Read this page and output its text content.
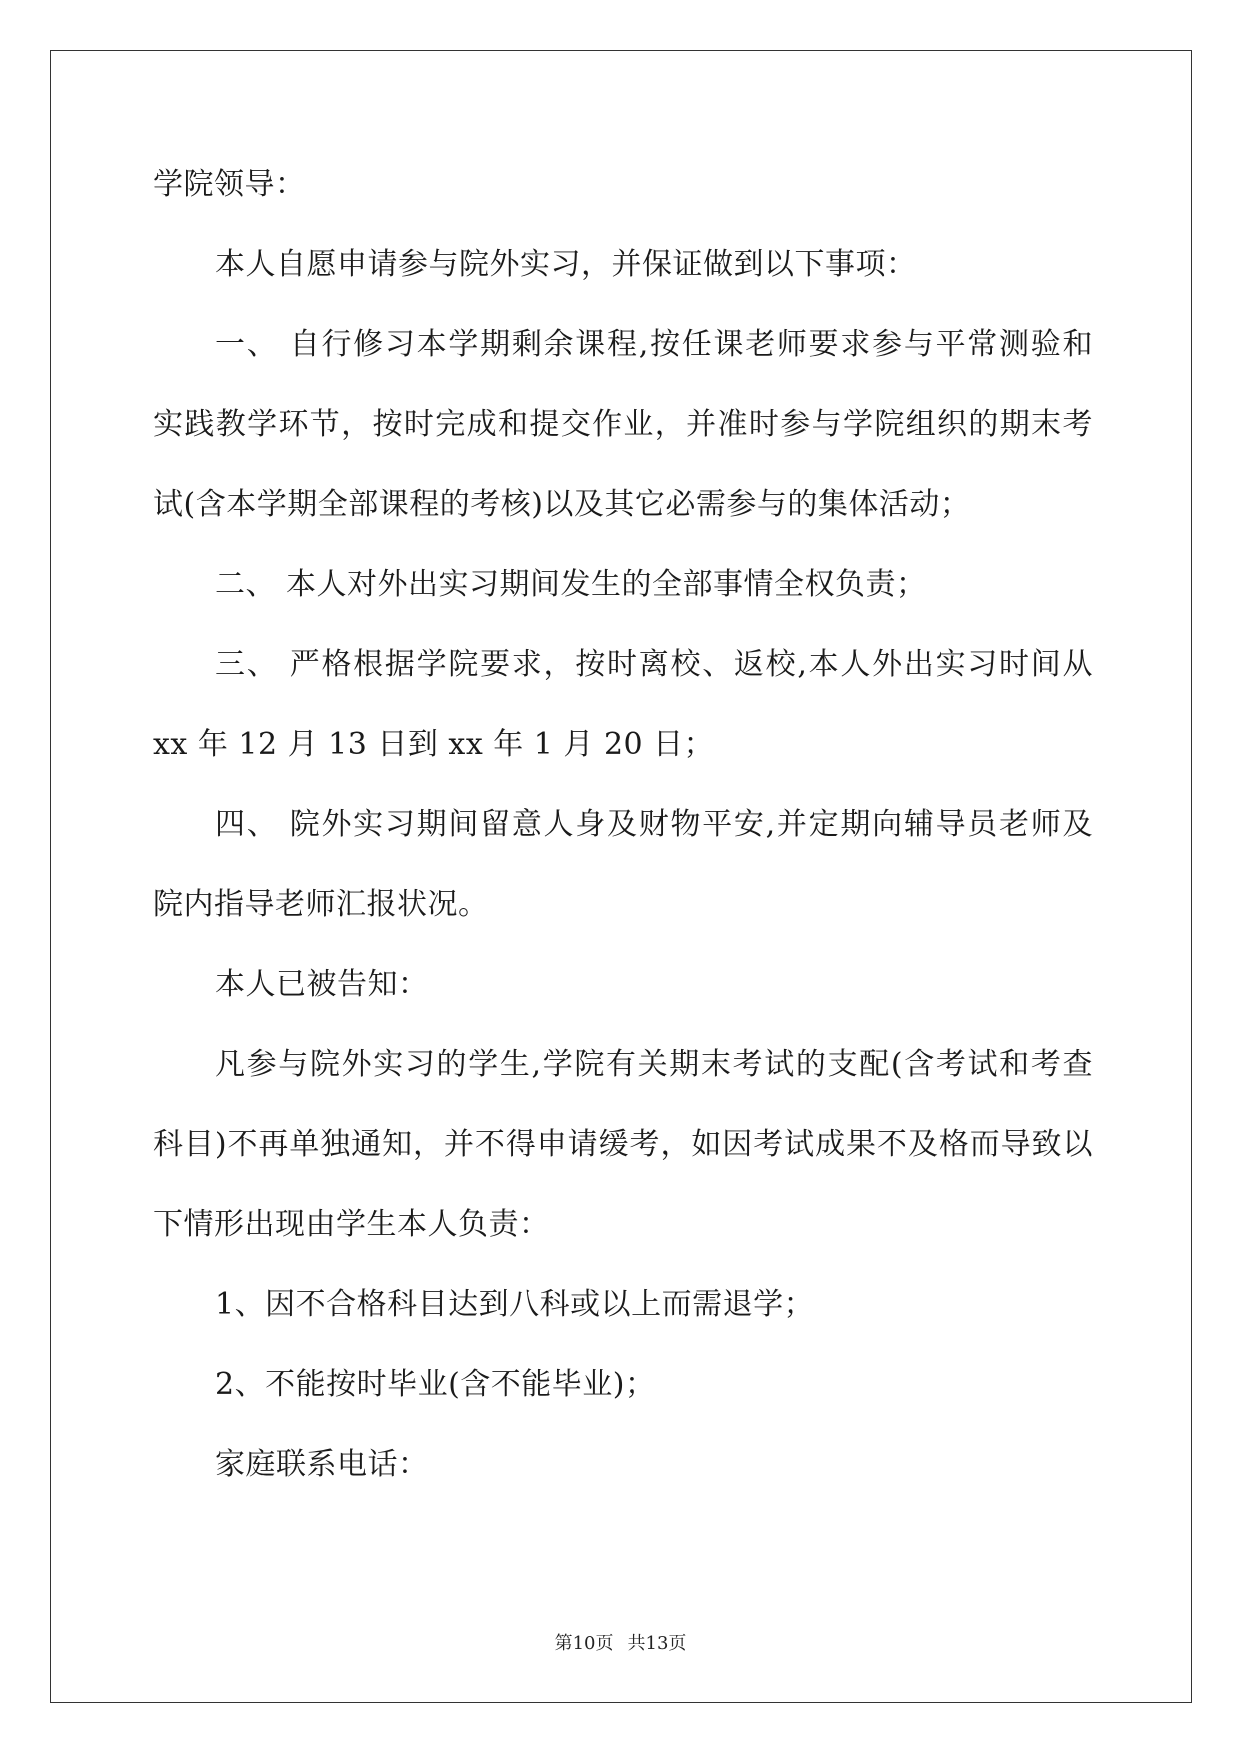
学院领导：
本人自愿申请参与院外实习，并保证做到以下事项：
一、 自行修习本学期剩余课程,按任课老师要求参与平常测验和
实践教学环节，按时完成和提交作业，并准时参与学院组织的期末考
试(含本学期全部课程的考核)以及其它必需参与的集体活动；
二、 本人对外出实习期间发生的全部事情全权负责；
三、 严格根据学院要求，按时离校、返校,本人外出实习时间从
xx 年 12 月 13 日到 xx 年 1 月 20 日；
四、 院外实习期间留意人身及财物平安,并定期向辅导员老师及
院内指导老师汇报状况。
本人已被告知：
凡参与院外实习的学生,学院有关期末考试的支配(含考试和考查
科目)不再单独通知，并不得申请缓考，如因考试成果不及格而导致以
下情形出现由学生本人负责：
1、因不合格科目达到八科或以上而需退学；
2、不能按时毕业(含不能毕业)；
家庭联系电话：
第10页 共13页
